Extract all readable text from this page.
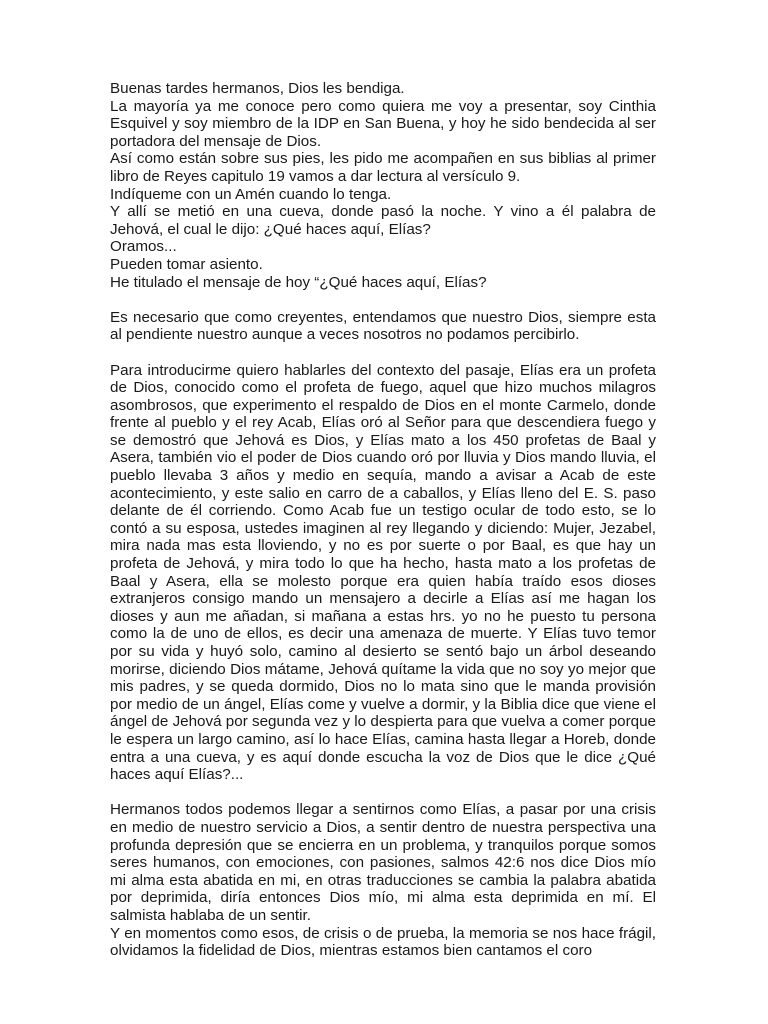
Buenas tardes hermanos, Dios les bendiga.
La mayoría ya me conoce pero como quiera me voy a presentar, soy Cinthia Esquivel y soy miembro de la IDP en San Buena, y hoy he sido bendecida al ser portadora del mensaje de Dios.
Así como están sobre sus pies, les pido me acompañen en sus biblias al primer libro de Reyes capitulo 19 vamos a dar lectura al versículo 9.
Indíqueme con un Amén cuando lo tenga.
Y allí se metió en una cueva, donde pasó la noche. Y vino a él palabra de Jehová, el cual le dijo: ¿Qué haces aquí, Elías?
Oramos...
Pueden tomar asiento.
He titulado el mensaje de hoy “¿Qué haces aquí, Elías?

Es necesario que como creyentes, entendamos que nuestro Dios, siempre esta al pendiente nuestro aunque a veces nosotros no podamos percibirlo.

Para introducirme quiero hablarles del contexto del pasaje, Elías era un profeta de Dios, conocido como el profeta de fuego, aquel que hizo muchos milagros asombrosos, que experimento el respaldo de Dios en el monte Carmelo, donde frente al pueblo y el rey Acab, Elías oró al Señor para que descendiera fuego y se demostró que Jehová es Dios, y Elías mato a los 450 profetas de Baal y Asera, también vio el poder de Dios cuando oró por lluvia y Dios mando lluvia, el pueblo llevaba 3 años y medio en sequía, mando a avisar a Acab de este acontecimiento, y este salio en carro de a caballos, y Elías lleno del E. S. paso delante de él corriendo. Como Acab fue un testigo ocular de todo esto, se lo contó a su esposa, ustedes imaginen al rey llegando y diciendo: Mujer, Jezabel, mira nada mas esta lloviendo, y no es por suerte o por Baal, es que hay un profeta de Jehová, y mira todo lo que ha hecho, hasta mato a los profetas de Baal y Asera, ella se molesto porque era quien había traído esos dioses extranjeros consigo mando un mensajero a decirle a Elías así me hagan los dioses y aun me añadan, si mañana a estas hrs. yo no he puesto tu persona como la de uno de ellos, es decir una amenaza de muerte. Y Elías tuvo temor por su vida y huyó solo, camino al desierto se sentó bajo un árbol deseando morirse, diciendo Dios mátame, Jehová quítame la vida que no soy yo mejor que mis padres, y se queda dormido, Dios no lo mata sino que le manda provisión por medio de un ángel, Elías come y vuelve a dormir, y la Biblia dice que viene el ángel de Jehová por segunda vez y lo despierta para que vuelva a comer porque le espera un largo camino, así lo hace Elías, camina hasta llegar a Horeb, donde entra a una cueva, y es aquí donde escucha la voz de Dios que le dice ¿Qué haces aquí Elías?...

Hermanos todos podemos llegar a sentirnos como Elías, a pasar por una crisis en medio de nuestro servicio a Dios, a sentir dentro de nuestra perspectiva una profunda depresión que se encierra en un problema, y tranquilos porque somos seres humanos, con emociones, con pasiones, salmos 42:6 nos dice Dios mío mi alma esta abatida en mi, en otras traducciones se cambia la palabra abatida por deprimida, diría entonces Dios mío, mi alma esta deprimida en mí. El salmista hablaba de un sentir.
Y en momentos como esos, de crisis o de prueba, la memoria se nos hace frágil, olvidamos la fidelidad de Dios, mientras estamos bien cantamos el coro
